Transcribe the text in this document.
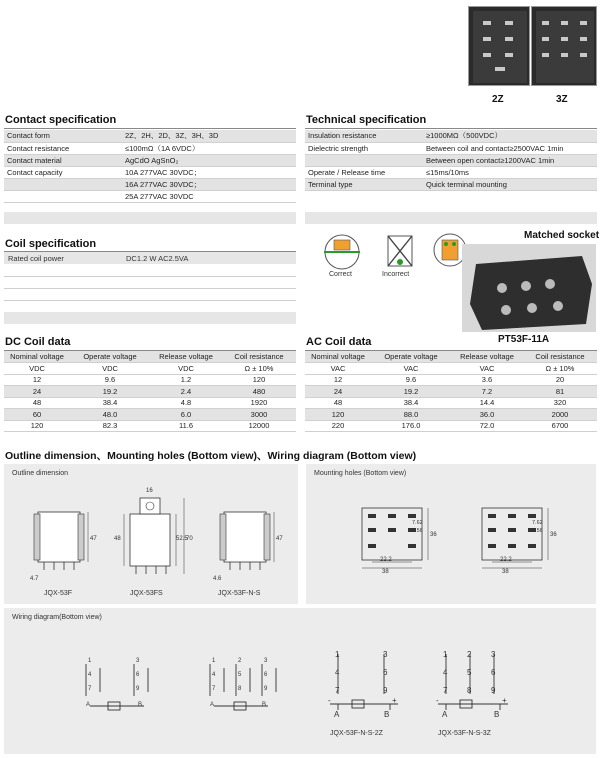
2Z	3Z
Contact specification
Contact form	2Z、2H、2D、3Z、3H、3D
Contact resistance	≤100mΩ（1A 6VDC）
Contact material	AgCdO AgSnO₂
Contact capacity	10A 277VAC 30VDC；
	16A 277VAC 30VDC；
	25A 277VAC 30VDC
Technical specification
Insulation resistance	≥1000MΩ（500VDC）
Dielectric strength	Between coil and contact≥2500VAC 1min
	Between open contact≥1200VAC 1min
Operate / Release time	≤15ms/10ms
Terminal type	Quick terminal mounting
Coil specification
Rated coil power	DC1.2 W AC2.5VA
Correct	Incorrect
Matched socket
PT53F-11A
DC Coil data
Nominal voltage	Operate voltage	Release voltage	Coil resistance
VDC	VDC	VDC	Ω ± 10%
12	9.6	1.2	120
24	19.2	2.4	480
48	38.4	4.8	1920
60	48.0	6.0	3000
120	82.3	11.6	12000
AC Coil data
Nominal voltage	Operate voltage	Release voltage	Coil resistance
VAC	VAC	VAC	Ω ± 10%
12	9.6	3.6	20
24	19.2	7.2	81
48	38.4	14.4	320
120	88.0	36.0	2000
220	176.0	72.0	6700
Outline dimension、Mounting holes (Bottom view)、Wiring diagram (Bottom view)
Outline dimension
47
4.7
16
48	52.5
70	47
4.6
JQX-53F	JQX-53FS	JQX-53F-N-S
Mounting holes (Bottom view)
22.2
38
36
7.62
5.56
22.2
38
36
7.62
5.56
Wiring diagram(Bottom view)
1
4
7
3
6
9
A	B
1	2	3
4	5	6
7	8	9
A	B
1
4
7
3
6
9
-	+
A	B
1 2 3
4 5 6
7 8 9
-	+
A	B
JQX-53F-N-S-2Z	JQX-53F-N-S-3Z
